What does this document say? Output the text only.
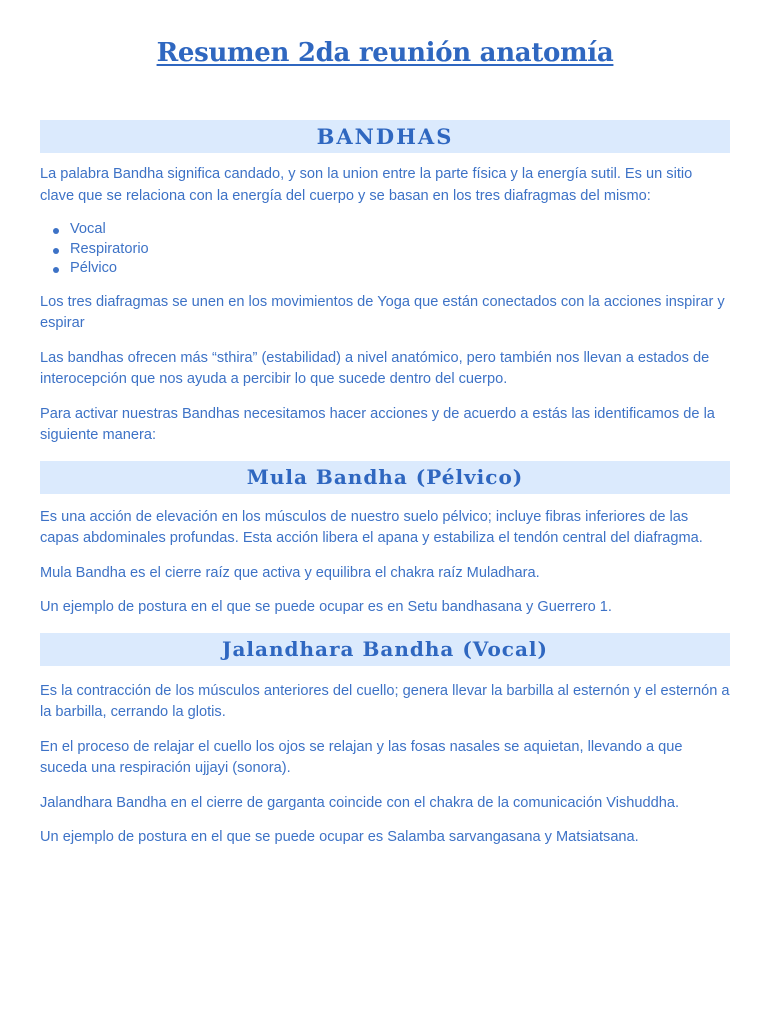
Resumen 2da reunión anatomía
BANDHAS

La palabra Bandha significa candado, y son la union entre la parte física y la energía sutil. Es un sitio clave que se relaciona con la energía del cuerpo y se basan en los tres diafragmas del mismo:

Vocal
Respiratorio
Pélvico

Los tres diafragmas se unen en los movimientos de Yoga que están conectados con la acciones inspirar y espirar

Las bandhas ofrecen más “sthira” (estabilidad) a nivel anatómico, pero también nos llevan a estados de interocepción que nos ayuda a percibir lo que sucede dentro del cuerpo.

Para activar nuestras Bandhas necesitamos hacer acciones y de acuerdo a estás las identificamos de la siguiente manera:

Mula Bandha (Pélvico)

Es una acción de elevación en los músculos de nuestro suelo pélvico; incluye fibras inferiores de las capas abdominales profundas. Esta acción libera el apana y estabiliza el tendón central del diafragma.

Mula Bandha es el cierre raíz que activa y equilibra el chakra raíz Muladhara.

Un ejemplo de postura en el que se puede ocupar es en Setu bandhasana y Guerrero 1.

Jalandhara Bandha (Vocal)

Es la contracción de los músculos anteriores del cuello; genera llevar la barbilla al esternón y el esternón a la barbilla, cerrando la glotis.

En el proceso de relajar el cuello los ojos se relajan y las fosas nasales se aquietan, llevando a que suceda una respiración ujjayi (sonora).

Jalandhara Bandha en el cierre de garganta coincide con el chakra de la comunicación Vishuddha.

Un ejemplo de postura en el que se puede ocupar es Salamba sarvangasana y Matsiatsana.
